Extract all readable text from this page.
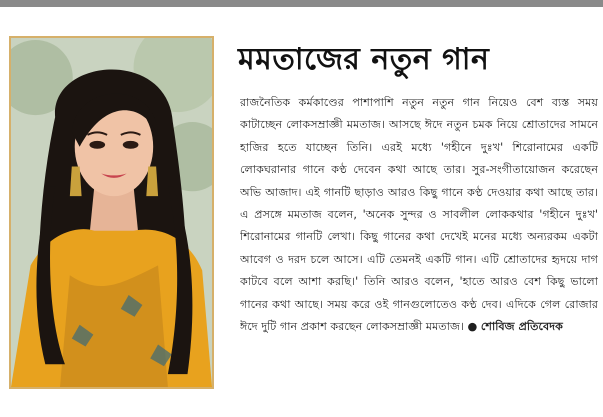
মমতাজের নতুন গান
রাজনৈতিক কর্মকাণ্ডের পাশাপাশি নতুন নতুন গান নিয়েও বেশ ব্যস্ত সময় কাটাচ্ছেন লোকসম্রাজ্ঞী মমতাজ। আসছে ঈদে নতুন চমক নিয়ে শ্রোতাদের সামনে হাজির হতে যাচ্ছেন তিনি। এরই মধ্যে 'গহীনে দুঃখ' শিরোনামের একটি লোকঘরানার গানে কণ্ঠ দেবেন কথা আছে তার। সুর-সংগীতায়োজন করেছেন অভি আজাদ। এই গানটি ছাড়াও আরও কিছু গানে কণ্ঠ দেওয়ার কথা আছে তার। এ প্রসঙ্গে মমতাজ বলেন, 'অনেক সুন্দর ও সাবলীল লোককথার 'গহীনে দুঃখ' শিরোনামের গানটি লেখা। কিছু গানের কথা দেখেই মনের মধ্যে অন্যরকম একটা আবেগ ও দরদ চলে আসে। এটি তেমনই একটি গান। এটি শ্রোতাদের হৃদয়ে দাগ কাটবে বলে আশা করছি।' তিনি আরও বলেন, 'হাতে আরও বেশ কিছু ভালো গানের কথা আছে। সময় করে ওই গানগুলোতেও কণ্ঠ দেব। এদিকে গেল রোজার ঈদে দুটি গান প্রকাশ করছেন লোকসম্রাজ্ঞী মমতাজ। ● শোবিজ প্রতিবেদক
